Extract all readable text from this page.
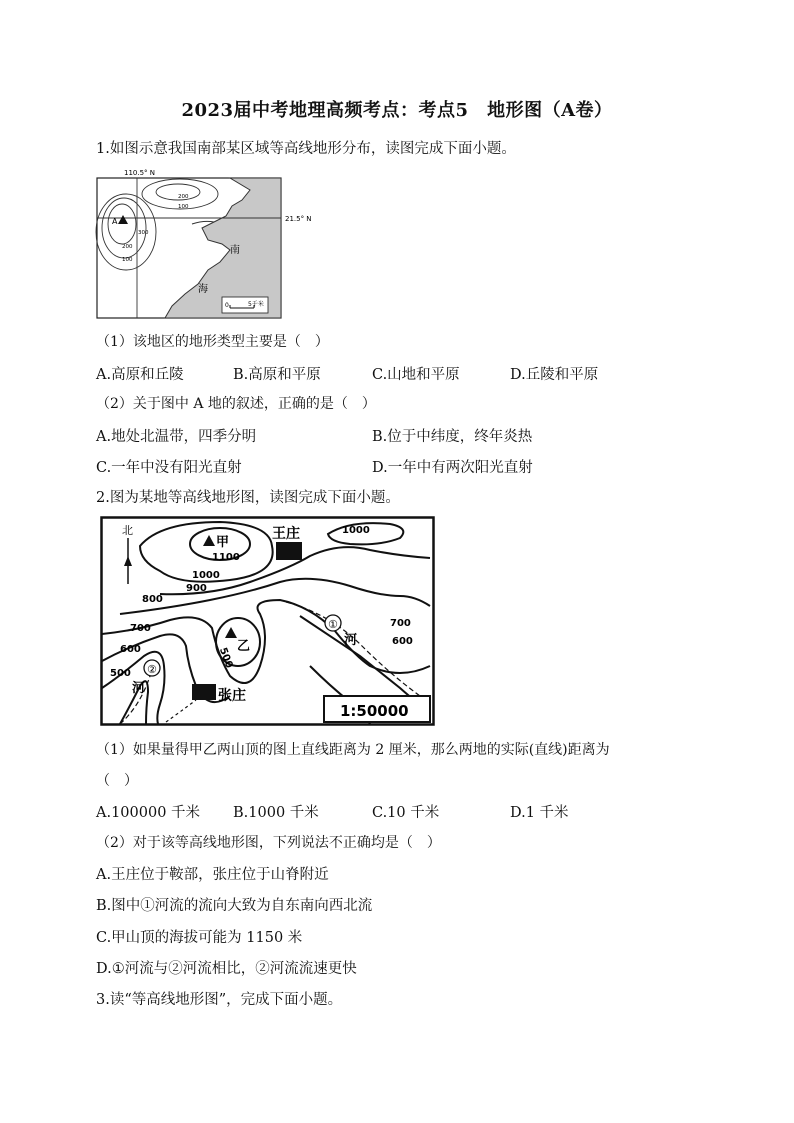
2023届中考地理高频考点：考点5　地形图（A卷）
1.如图示意我国南部某区域等高线地形分布，读图完成下面小题。
A
110.5° N
21.5° N
200
100
300
200
100
南
海
0	5千米
（1）该地区的地形类型主要是（　）
A.高原和丘陵	B.高原和平原	C.山地和平原	D.丘陵和平原
（2）关于图中 A 地的叙述，正确的是（　）
A.地处北温带，四季分明	B.位于中纬度，终年炎热
C.一年中没有阳光直射	D.一年中有两次阳光直射
2.图为某地等高线地形图，读图完成下面小题。
北
甲
乙
王庄
张庄
①
河
②
河
1100
1000
1000
900
800
700	700
600
600
500
500
1:50000
（1）如果量得甲乙两山顶的图上直线距离为 2 厘米，那么两地的实际(直线)距离为
（　）
A.100000 千米 B.1000 千米	C.10 千米	D.1 千米
（2）对于该等高线地形图，下列说法不正确均是（　）
A.王庄位于鞍部，张庄位于山脊附近
B.图中①河流的流向大致为自东南向西北流
C.甲山顶的海拔可能为 1150 米
D.①河流与②河流相比，②河流流速更快
3.读“等高线地形图”，完成下面小题。
